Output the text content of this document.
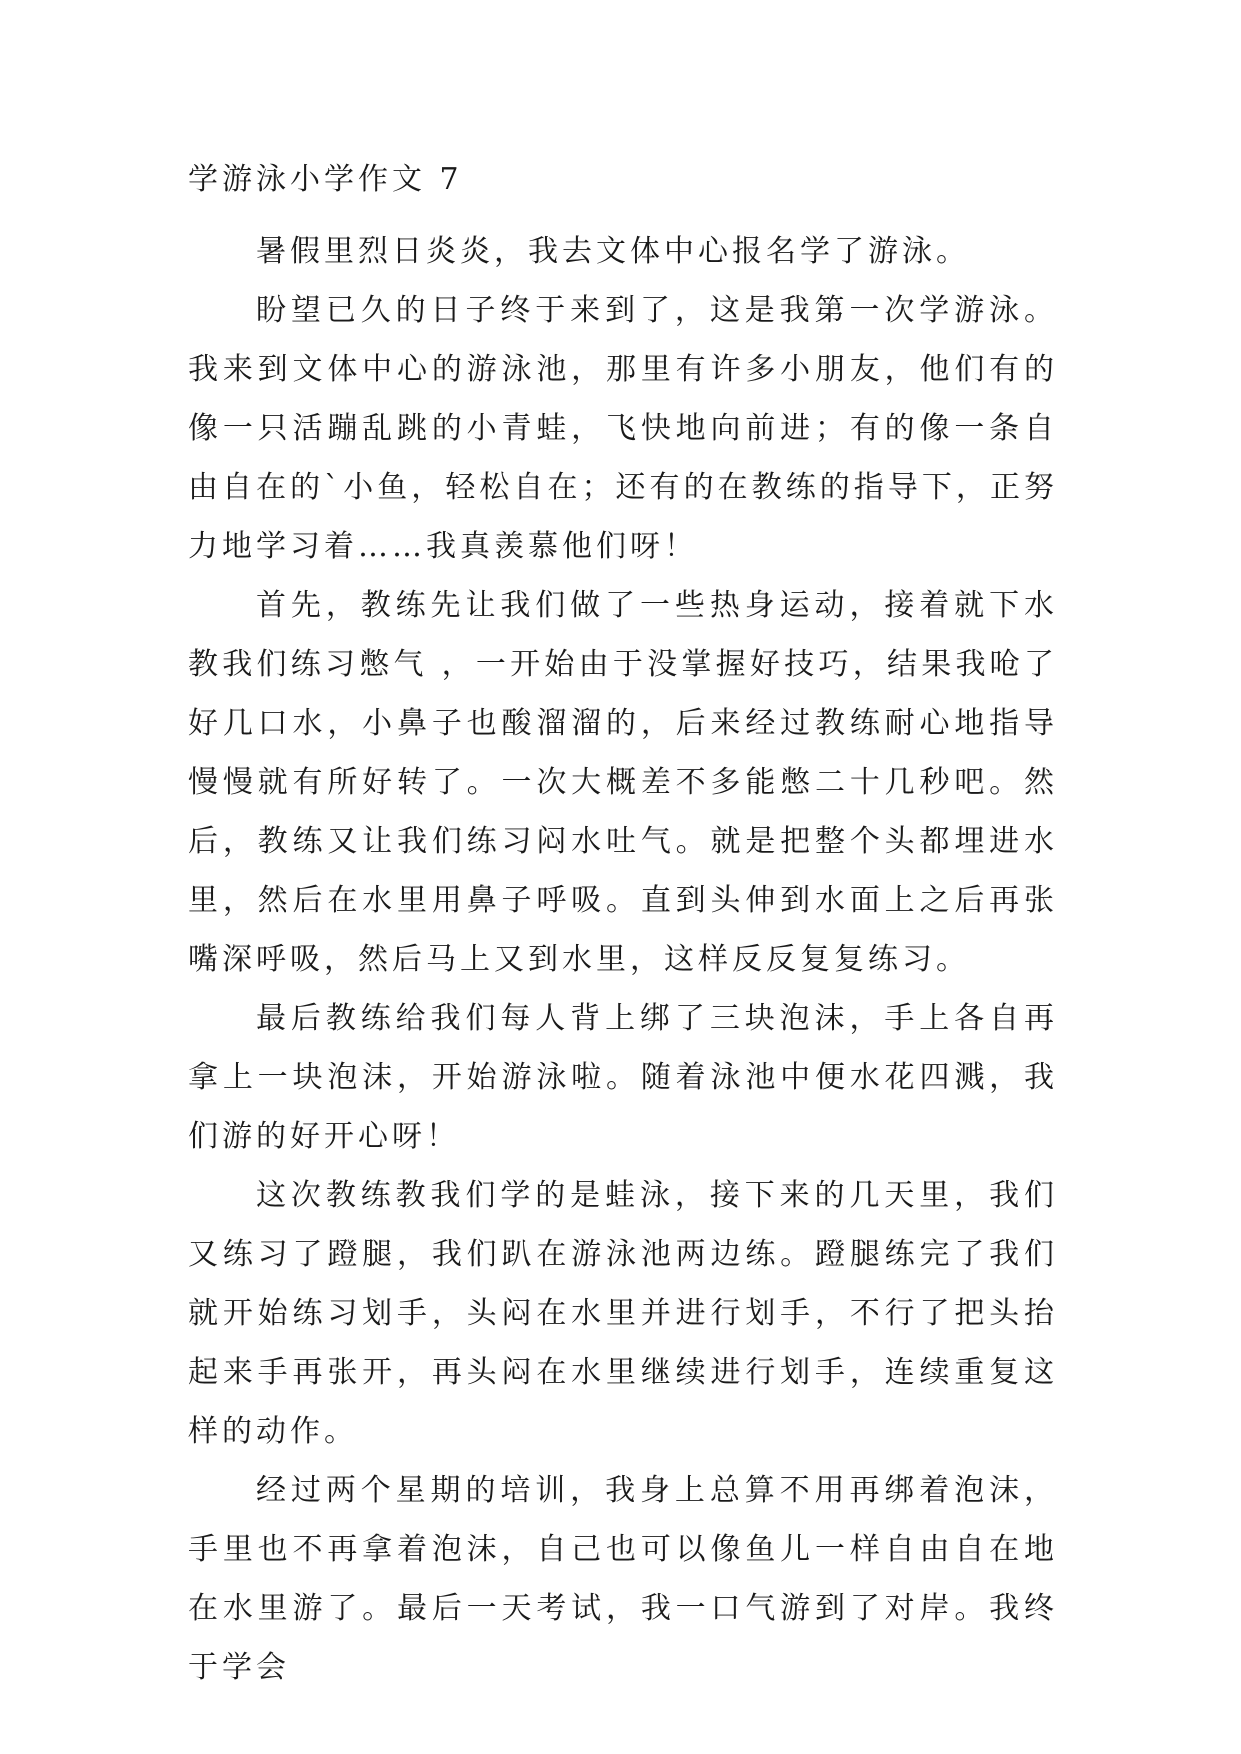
学游泳小学作文 7

暑假里烈日炎炎，我去文体中心报名学了游泳。

盼望已久的日子终于来到了，这是我第一次学游泳。我来到文体中心的游泳池，那里有许多小朋友，他们有的像一只活蹦乱跳的小青蛙，飞快地向前进；有的像一条自由自在的`小鱼，轻松自在；还有的在教练的指导下，正努力地学习着……我真羡慕他们呀！

首先，教练先让我们做了一些热身运动，接着就下水教我们练习憋气 ，一开始由于没掌握好技巧，结果我呛了好几口水，小鼻子也酸溜溜的，后来经过教练耐心地指导慢慢就有所好转了。一次大概差不多能憋二十几秒吧。然后，教练又让我们练习闷水吐气。就是把整个头都埋进水里，然后在水里用鼻子呼吸。直到头伸到水面上之后再张嘴深呼吸，然后马上又到水里，这样反反复复练习。

最后教练给我们每人背上绑了三块泡沫，手上各自再拿上一块泡沫，开始游泳啦。随着泳池中便水花四溅，我们游的好开心呀！

这次教练教我们学的是蛙泳，接下来的几天里，我们又练习了蹬腿，我们趴在游泳池两边练。蹬腿练完了我们就开始练习划手，头闷在水里并进行划手，不行了把头抬起来手再张开，再头闷在水里继续进行划手，连续重复这样的动作。

经过两个星期的培训，我身上总算不用再绑着泡沫，手里也不再拿着泡沫，自己也可以像鱼儿一样自由自在地在水里游了。最后一天考试，我一口气游到了对岸。我终于学会
